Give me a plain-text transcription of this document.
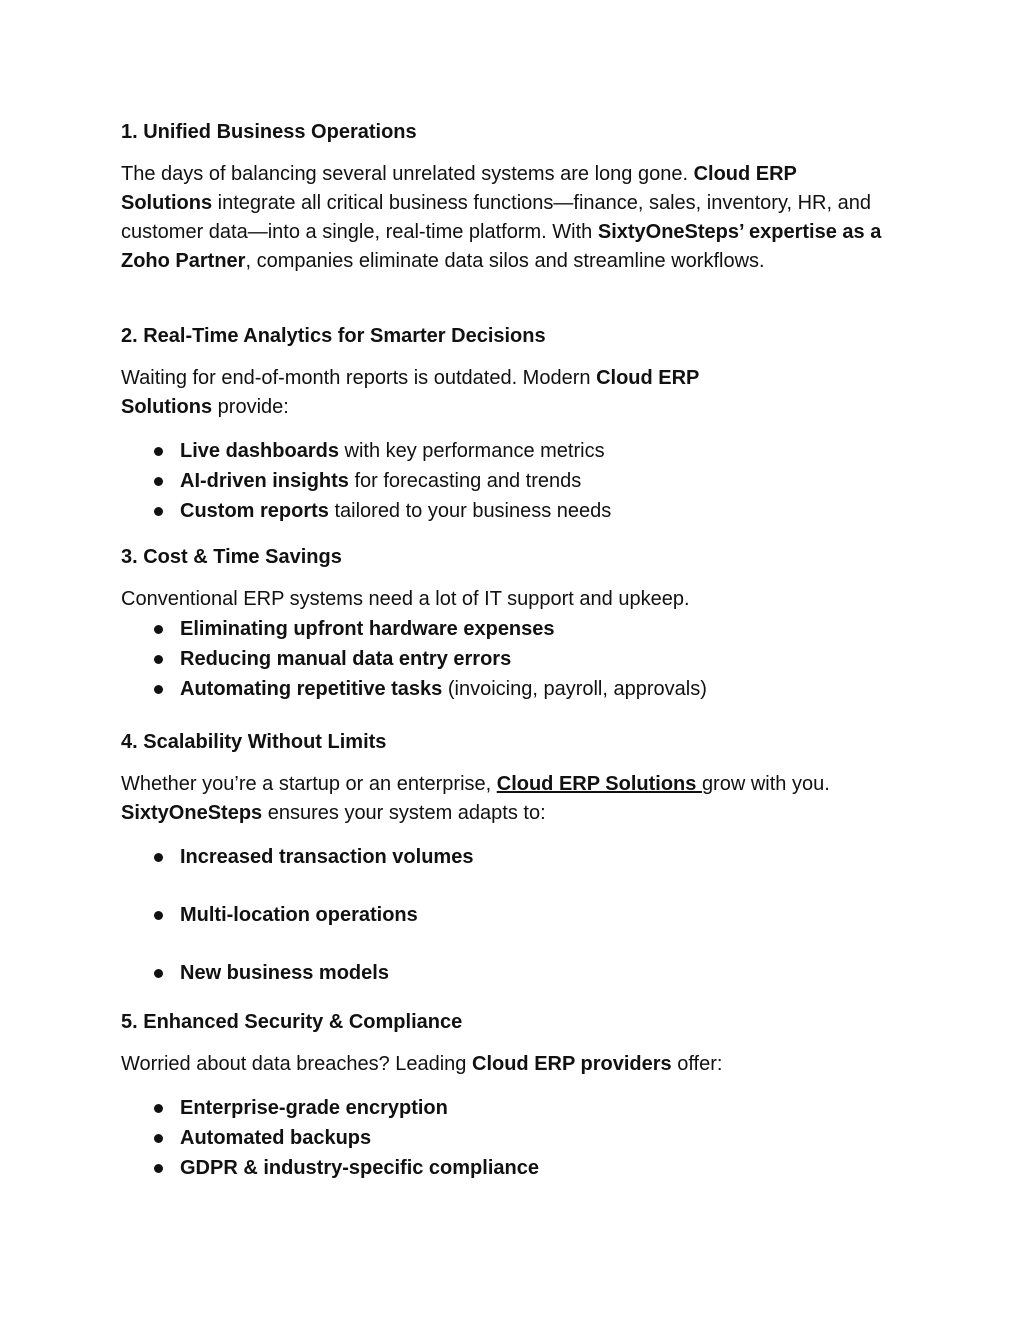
1. Unified Business Operations

The days of balancing several unrelated systems are long gone. Cloud ERP Solutions integrate all critical business functions—finance, sales, inventory, HR, and customer data—into a single, real-time platform. With SixtyOneSteps’ expertise as a Zoho Partner, companies eliminate data silos and streamline workflows.

2. Real-Time Analytics for Smarter Decisions

Waiting for end-of-month reports is outdated. Modern Cloud ERP Solutions provide:

Live dashboards with key performance metrics
AI-driven insights for forecasting and trends
Custom reports tailored to your business needs
3. Cost & Time Savings

Conventional ERP systems need a lot of IT support and upkeep.

Eliminating upfront hardware expenses
Reducing manual data entry errors
Automating repetitive tasks (invoicing, payroll, approvals)
4. Scalability Without Limits

Whether you’re a startup or an enterprise, Cloud ERP Solutions grow with you. SixtyOneSteps ensures your system adapts to:

Increased transaction volumes
Multi-location operations
New business models
5. Enhanced Security & Compliance

Worried about data breaches? Leading Cloud ERP providers offer:

Enterprise-grade encryption
Automated backups
GDPR & industry-specific compliance
